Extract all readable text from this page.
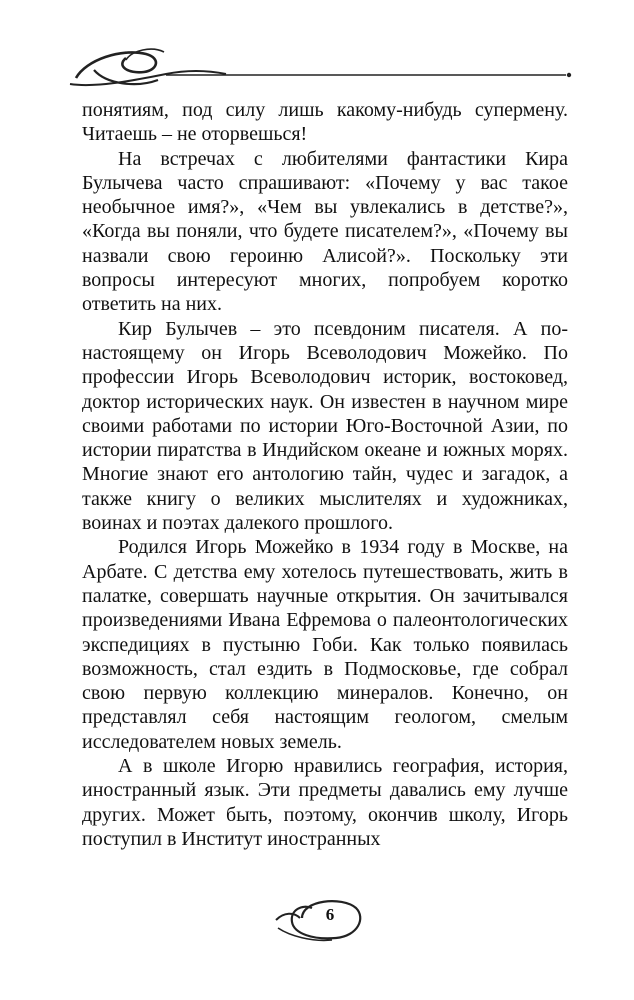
понятиям, под силу лишь какому-нибудь супермену. Читаешь – не оторвешься!

На встречах с любителями фантастики Кира Булычева часто спрашивают: «Почему у вас такое необычное имя?», «Чем вы увлекались в детстве?», «Когда вы поняли, что будете писателем?», «Почему вы назвали свою героиню Алисой?». Поскольку эти вопросы интересуют многих, попробуем коротко ответить на них.

Кир Булычев – это псевдоним писателя. А по-настоящему он Игорь Всеволодович Можейко. По профессии Игорь Всеволодович историк, востоковед, доктор исторических наук. Он известен в научном мире своими работами по истории Юго-Восточной Азии, по истории пиратства в Индийском океане и южных морях. Многие знают его антологию тайн, чудес и загадок, а также книгу о великих мыслителях и художниках, воинах и поэтах далекого прошлого.

Родился Игорь Можейко в 1934 году в Москве, на Арбате. С детства ему хотелось путешествовать, жить в палатке, совершать научные открытия. Он зачитывался произведениями Ивана Ефремова о палеонтологических экспедициях в пустыню Гоби. Как только появилась возможность, стал ездить в Подмосковье, где собрал свою первую коллекцию минералов. Конечно, он представлял себя настоящим геологом, смелым исследователем новых земель.

А в школе Игорю нравились география, история, иностранный язык. Эти предметы давались ему лучше других. Может быть, поэтому, окончив школу, Игорь поступил в Институт иностранных

6
